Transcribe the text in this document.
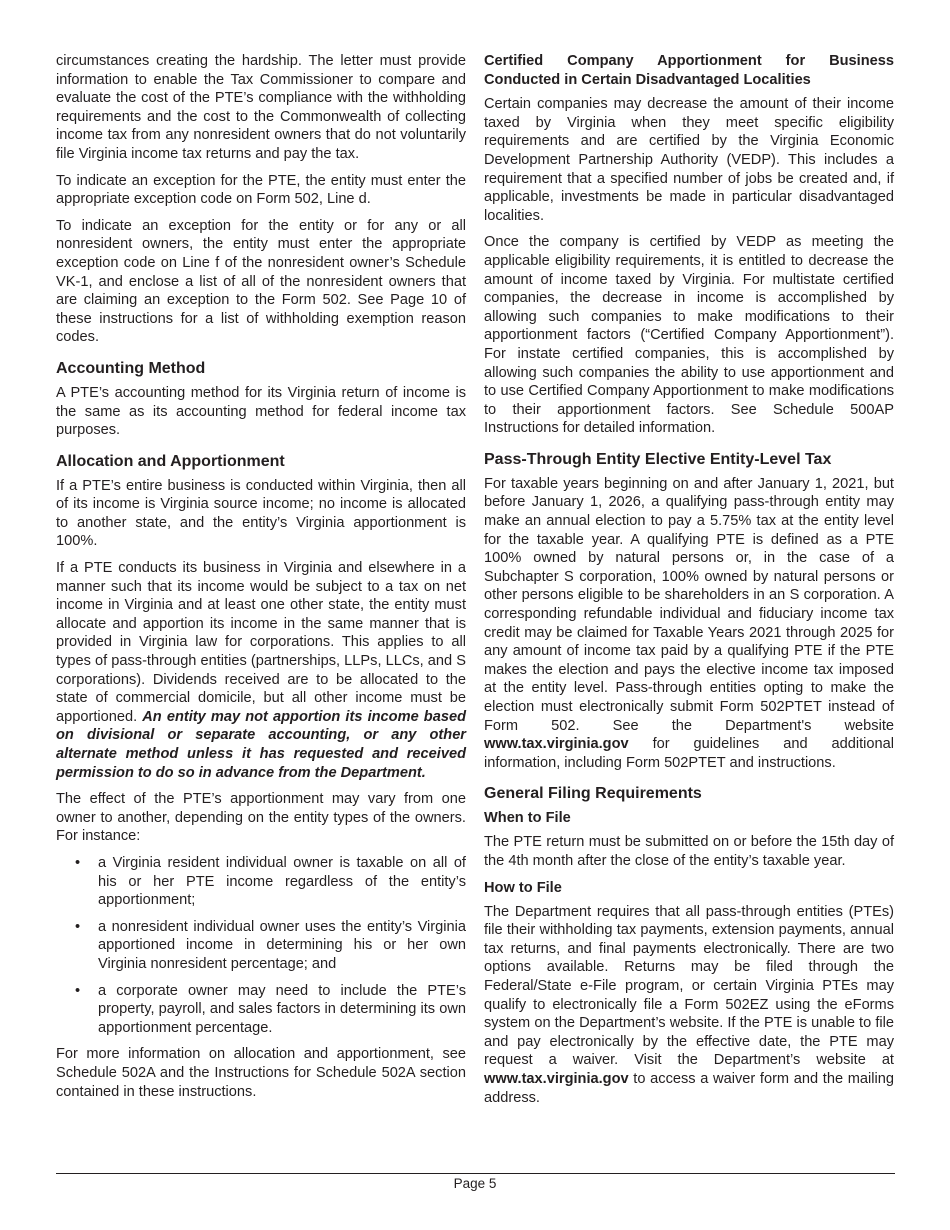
circumstances creating the hardship. The letter must provide information to enable the Tax Commissioner to compare and evaluate the cost of the PTE’s compliance with the withholding requirements and the cost to the Commonwealth of collecting income tax from any nonresident owners that do not voluntarily file Virginia income tax returns and pay the tax.

To indicate an exception for the PTE, the entity must enter the appropriate exception code on Form 502, Line d.

To indicate an exception for the entity or for any or all nonresident owners, the entity must enter the appropriate exception code on Line f of the nonresident owner’s Schedule VK-1, and enclose a list of all of the nonresident owners that are claiming an exception to the Form 502. See Page 10 of these instructions for a list of withholding exemption reason codes.

Accounting Method

A PTE’s accounting method for its Virginia return of income is the same as its accounting method for federal income tax purposes.

Allocation and Apportionment

If a PTE’s entire business is conducted within Virginia, then all of its income is Virginia source income; no income is allocated to another state, and the entity’s Virginia apportionment is 100%.

If a PTE conducts its business in Virginia and elsewhere in a manner such that its income would be subject to a tax on net income in Virginia and at least one other state, the entity must allocate and apportion its income in the same manner that is provided in Virginia law for corporations. This applies to all types of pass-through entities (partnerships, LLPs, LLCs, and S corporations). Dividends received are to be allocated to the state of commercial domicile, but all other income must be apportioned. An entity may not apportion its income based on divisional or separate accounting, or any other alternate method unless it has requested and received permission to do so in advance from the Department.

The effect of the PTE’s apportionment may vary from one owner to another, depending on the entity types of the owners. For instance:

• a Virginia resident individual owner is taxable on all of his or her PTE income regardless of the entity’s apportionment;
• a nonresident individual owner uses the entity’s Virginia apportioned income in determining his or her own Virginia nonresident percentage; and
• a corporate owner may need to include the PTE’s property, payroll, and sales factors in determining its own apportionment percentage.

For more information on allocation and apportionment, see Schedule 502A and the Instructions for Schedule 502A section contained in these instructions.

Certified Company Apportionment for Business Conducted in Certain Disadvantaged Localities

Certain companies may decrease the amount of their income taxed by Virginia when they meet specific eligibility requirements and are certified by the Virginia Economic Development Partnership Authority (VEDP). This includes a requirement that a specified number of jobs be created and, if applicable, investments be made in particular disadvantaged localities.

Once the company is certified by VEDP as meeting the applicable eligibility requirements, it is entitled to decrease the amount of income taxed by Virginia. For multistate certified companies, the decrease in income is accomplished by allowing such companies to make modifications to their apportionment factors (“Certified Company Apportionment”). For instate certified companies, this is accomplished by allowing such companies the ability to use apportionment and to use Certified Company Apportionment to make modifications to their apportionment factors. See Schedule 500AP Instructions for detailed information.

Pass-Through Entity Elective Entity-Level Tax

For taxable years beginning on and after January 1, 2021, but before January 1, 2026, a qualifying pass-through entity may make an annual election to pay a 5.75% tax at the entity level for the taxable year. A qualifying PTE is defined as a PTE 100% owned by natural persons or, in the case of a Subchapter S corporation, 100% owned by natural persons or other persons eligible to be shareholders in an S corporation. A corresponding refundable individual and fiduciary income tax credit may be claimed for Taxable Years 2021 through 2025 for any amount of income tax paid by a qualifying PTE if the PTE makes the election and pays the elective income tax imposed at the entity level. Pass-through entities opting to make the election must electronically submit Form 502PTET instead of Form 502. See the Department's website www.tax.virginia.gov for guidelines and additional information, including Form 502PTET and instructions.

General Filing Requirements
When to File

The PTE return must be submitted on or before the 15th day of the 4th month after the close of the entity’s taxable year.

How to File

The Department requires that all pass-through entities (PTEs) file their withholding tax payments, extension payments, annual tax returns, and final payments electronically. There are two options available. Returns may be filed through the Federal/State e-File program, or certain Virginia PTEs may qualify to electronically file a Form 502EZ using the eForms system on the Department’s website. If the PTE is unable to file and pay electronically by the effective date, the PTE may request a waiver. Visit the Department’s website at www.tax.virginia.gov to access a waiver form and the mailing address.

Page 5
